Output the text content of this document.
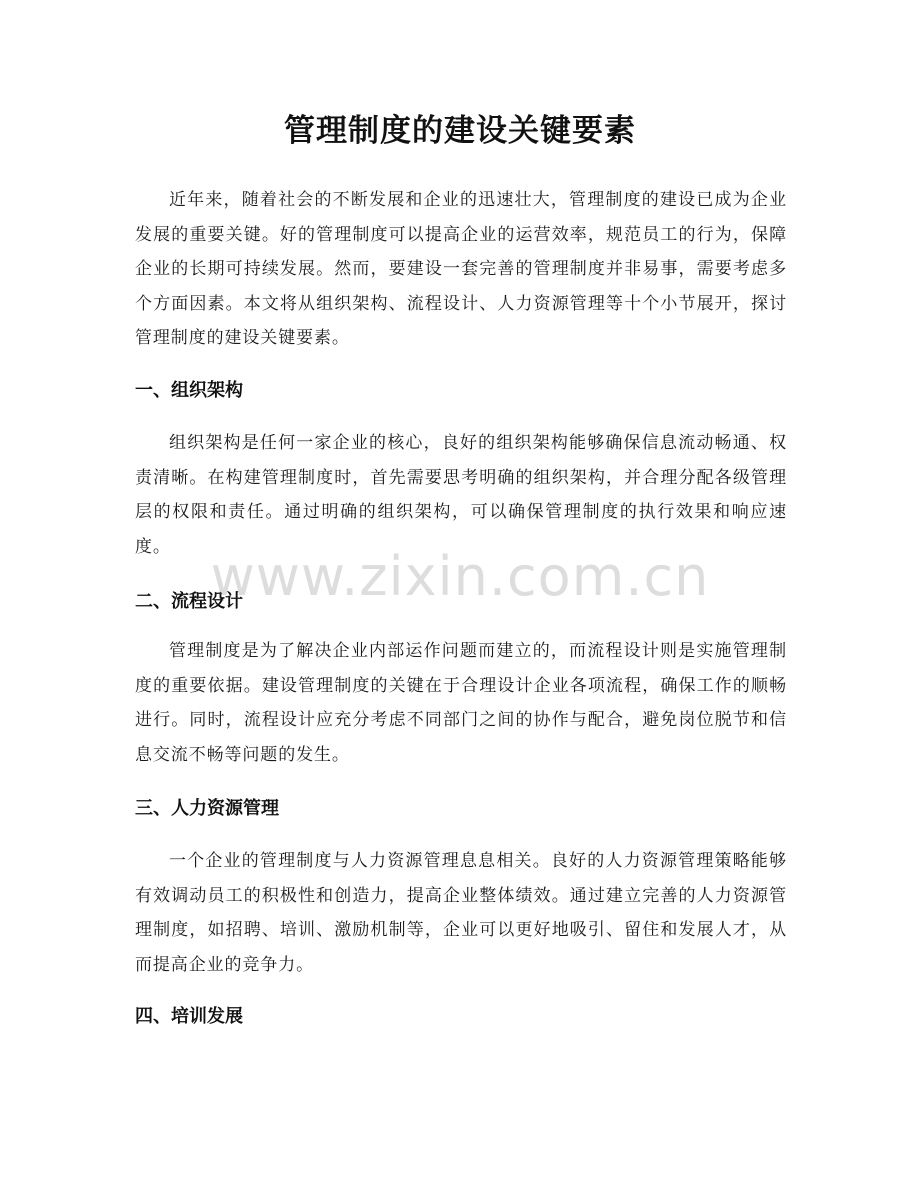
管理制度的建设关键要素
近年来，随着社会的不断发展和企业的迅速壮大，管理制度的建设已成为企业发展的重要关键。好的管理制度可以提高企业的运营效率，规范员工的行为，保障企业的长期可持续发展。然而，要建设一套完善的管理制度并非易事，需要考虑多个方面因素。本文将从组织架构、流程设计、人力资源管理等十个小节展开，探讨管理制度的建设关键要素。
一、组织架构
组织架构是任何一家企业的核心，良好的组织架构能够确保信息流动畅通、权责清晰。在构建管理制度时，首先需要思考明确的组织架构，并合理分配各级管理层的权限和责任。通过明确的组织架构，可以确保管理制度的执行效果和响应速度。
二、流程设计
管理制度是为了解决企业内部运作问题而建立的，而流程设计则是实施管理制度的重要依据。建设管理制度的关键在于合理设计企业各项流程，确保工作的顺畅进行。同时，流程设计应充分考虑不同部门之间的协作与配合，避免岗位脱节和信息交流不畅等问题的发生。
三、人力资源管理
一个企业的管理制度与人力资源管理息息相关。良好的人力资源管理策略能够有效调动员工的积极性和创造力，提高企业整体绩效。通过建立完善的人力资源管理制度，如招聘、培训、激励机制等，企业可以更好地吸引、留住和发展人才，从而提高企业的竞争力。
四、培训发展
www.zixin.com.cn
